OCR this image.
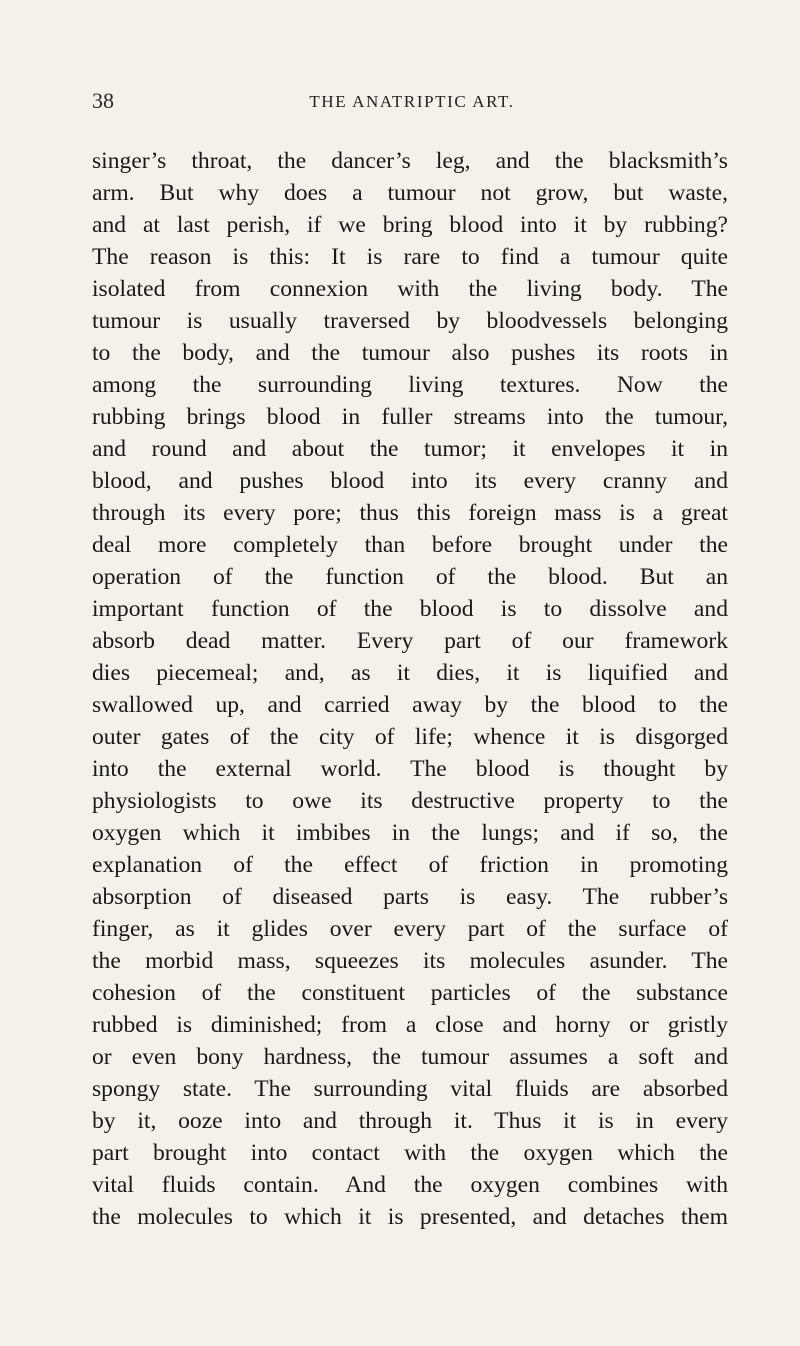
38	THE ANATRIPTIC ART.
singer’s throat, the dancer’s leg, and the blacksmith’s
arm. But why does a tumour not grow, but waste,
and at last perish, if we bring blood into it by rubbing?
The reason is this: It is rare to find a tumour quite
isolated from connexion with the living body. The
tumour is usually traversed by bloodvessels belonging
to the body, and the tumour also pushes its roots in
among the surrounding living textures. Now the
rubbing brings blood in fuller streams into the tumour,
and round and about the tumor; it envelopes it in
blood, and pushes blood into its every cranny and
through its every pore; thus this foreign mass is a great
deal more completely than before brought under the
operation of the function of the blood. But an
important function of the blood is to dissolve and
absorb dead matter. Every part of our framework
dies piecemeal; and, as it dies, it is liquified and
swallowed up, and carried away by the blood to the
outer gates of the city of life; whence it is disgorged
into the external world. The blood is thought by
physiologists to owe its destructive property to the
oxygen which it imbibes in the lungs; and if so, the
explanation of the effect of friction in promoting
absorption of diseased parts is easy. The rubber’s
finger, as it glides over every part of the surface of
the morbid mass, squeezes its molecules asunder. The
cohesion of the constituent particles of the substance
rubbed is diminished; from a close and horny or gristly
or even bony hardness, the tumour assumes a soft and
spongy state. The surrounding vital fluids are absorbed
by it, ooze into and through it. Thus it is in every
part brought into contact with the oxygen which the
vital fluids contain. And the oxygen combines with
the molecules to which it is presented, and detaches them
